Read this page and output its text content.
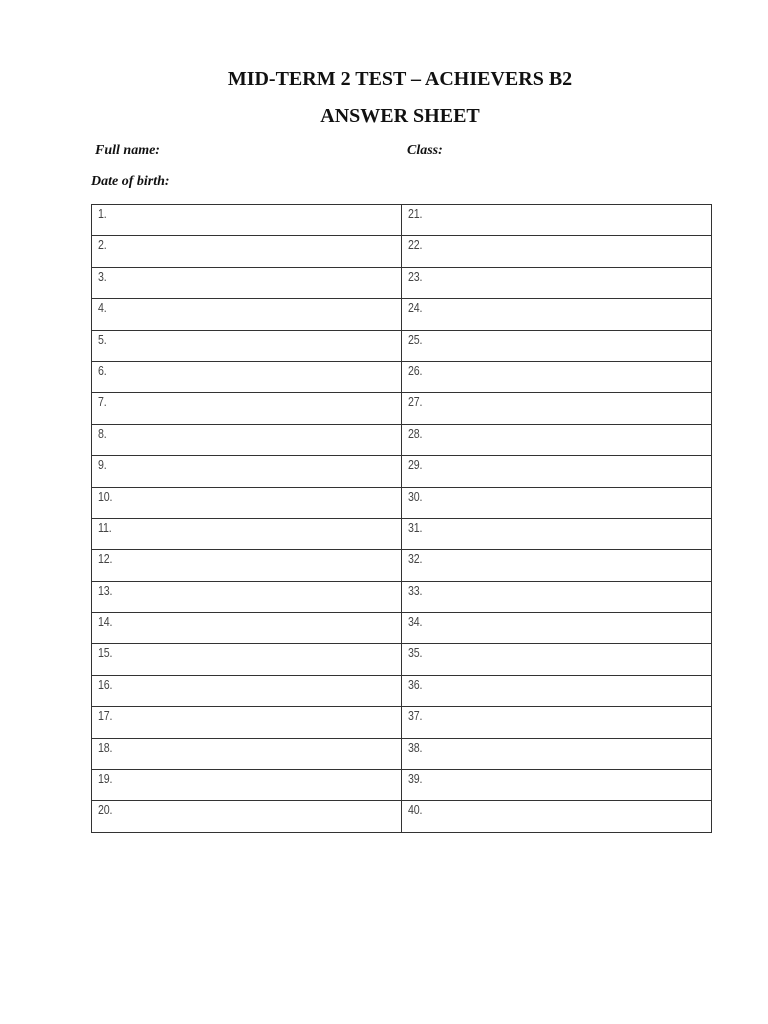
MID-TERM 2 TEST – ACHIEVERS B2
ANSWER SHEET
Full name:	Class:
Date of birth:
1.	21.
2.	22.
3.	23.
4.	24.
5.	25.
6.	26.
7.	27.
8.	28.
9.	29.
10.	30.
11.	31.
12.	32.
13.	33.
14.	34.
15.	35.
16.	36.
17.	37.
18.	38.
19.	39.
20.	40.
